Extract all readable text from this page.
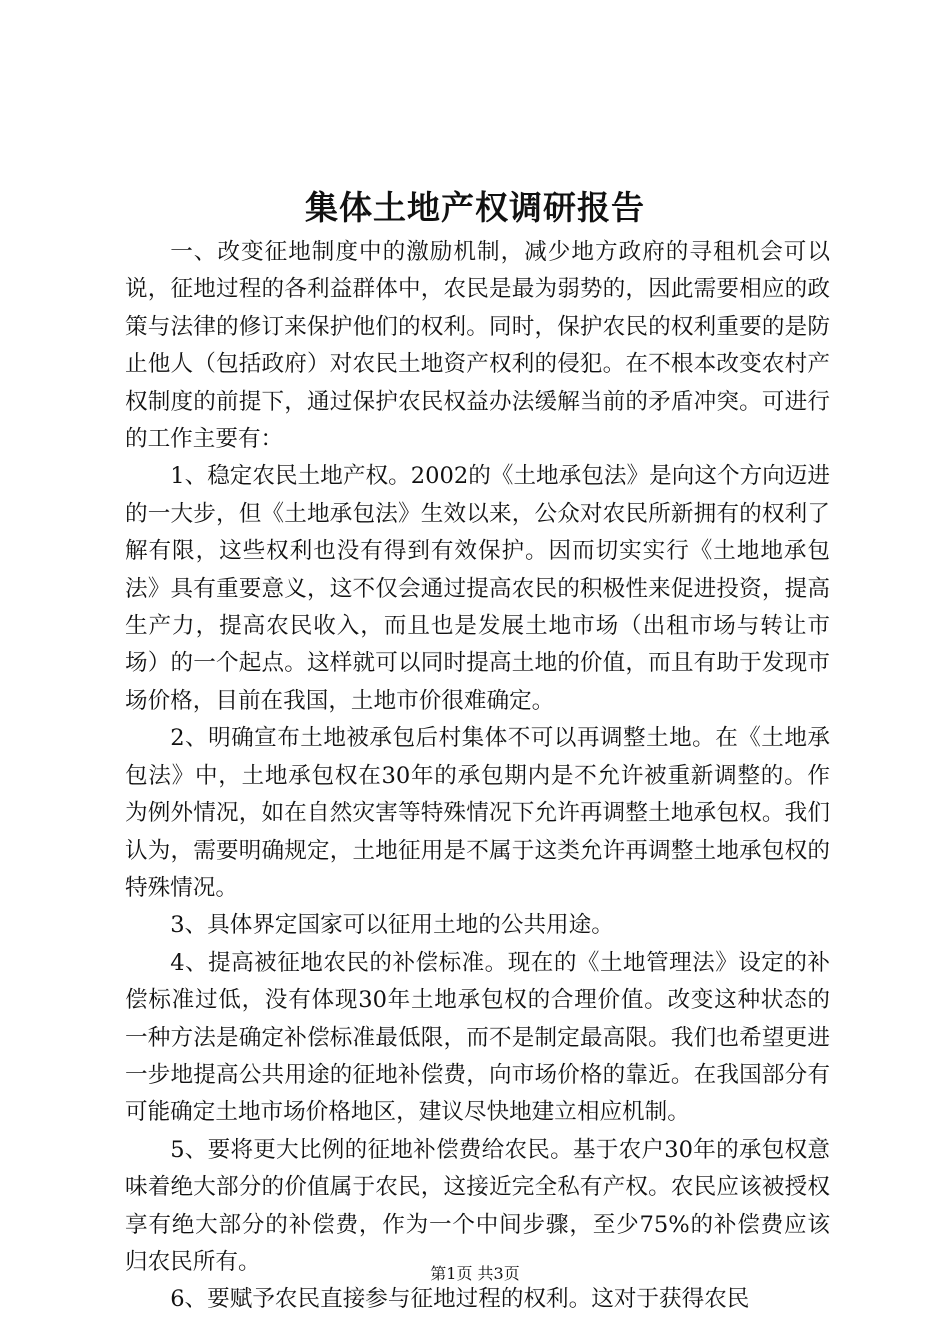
集体土地产权调研报告

一、改变征地制度中的激励机制，减少地方政府的寻租机会可以说，征地过程的各利益群体中，农民是最为弱势的，因此需要相应的政策与法律的修订来保护他们的权利。同时，保护农民的权利重要的是防止他人（包括政府）对农民土地资产权利的侵犯。在不根本改变农村产权制度的前提下，通过保护农民权益办法缓解当前的矛盾冲突。可进行的工作主要有：

1、稳定农民土地产权。2002的《土地承包法》是向这个方向迈进的一大步，但《土地承包法》生效以来，公众对农民所新拥有的权利了解有限，这些权利也没有得到有效保护。因而切实实行《土地地承包法》具有重要意义，这不仅会通过提高农民的积极性来促进投资，提高生产力，提高农民收入，而且也是发展土地市场（出租市场与转让市场）的一个起点。这样就可以同时提高土地的价值，而且有助于发现市场价格，目前在我国，土地市价很难确定。

2、明确宣布土地被承包后村集体不可以再调整土地。在《土地承包法》中，土地承包权在30年的承包期内是不允许被重新调整的。作为例外情况，如在自然灾害等特殊情况下允许再调整土地承包权。我们认为，需要明确规定，土地征用是不属于这类允许再调整土地承包权的特殊情况。

3、具体界定国家可以征用土地的公共用途。

4、提高被征地农民的补偿标准。现在的《土地管理法》设定的补偿标准过低，没有体现30年土地承包权的合理价值。改变这种状态的一种方法是确定补偿标准最低限，而不是制定最高限。我们也希望更进一步地提高公共用途的征地补偿费，向市场价格的靠近。在我国部分有可能确定土地市场价格地区，建议尽快地建立相应机制。

5、要将更大比例的征地补偿费给农民。基于农户30年的承包权意味着绝大部分的价值属于农民，这接近完全私有产权。农民应该被授权享有绝大部分的补偿费，作为一个中间步骤，至少75%的补偿费应该归农民所有。

6、要赋予农民直接参与征地过程的权利。这对于获得农民

第1页 共3页
